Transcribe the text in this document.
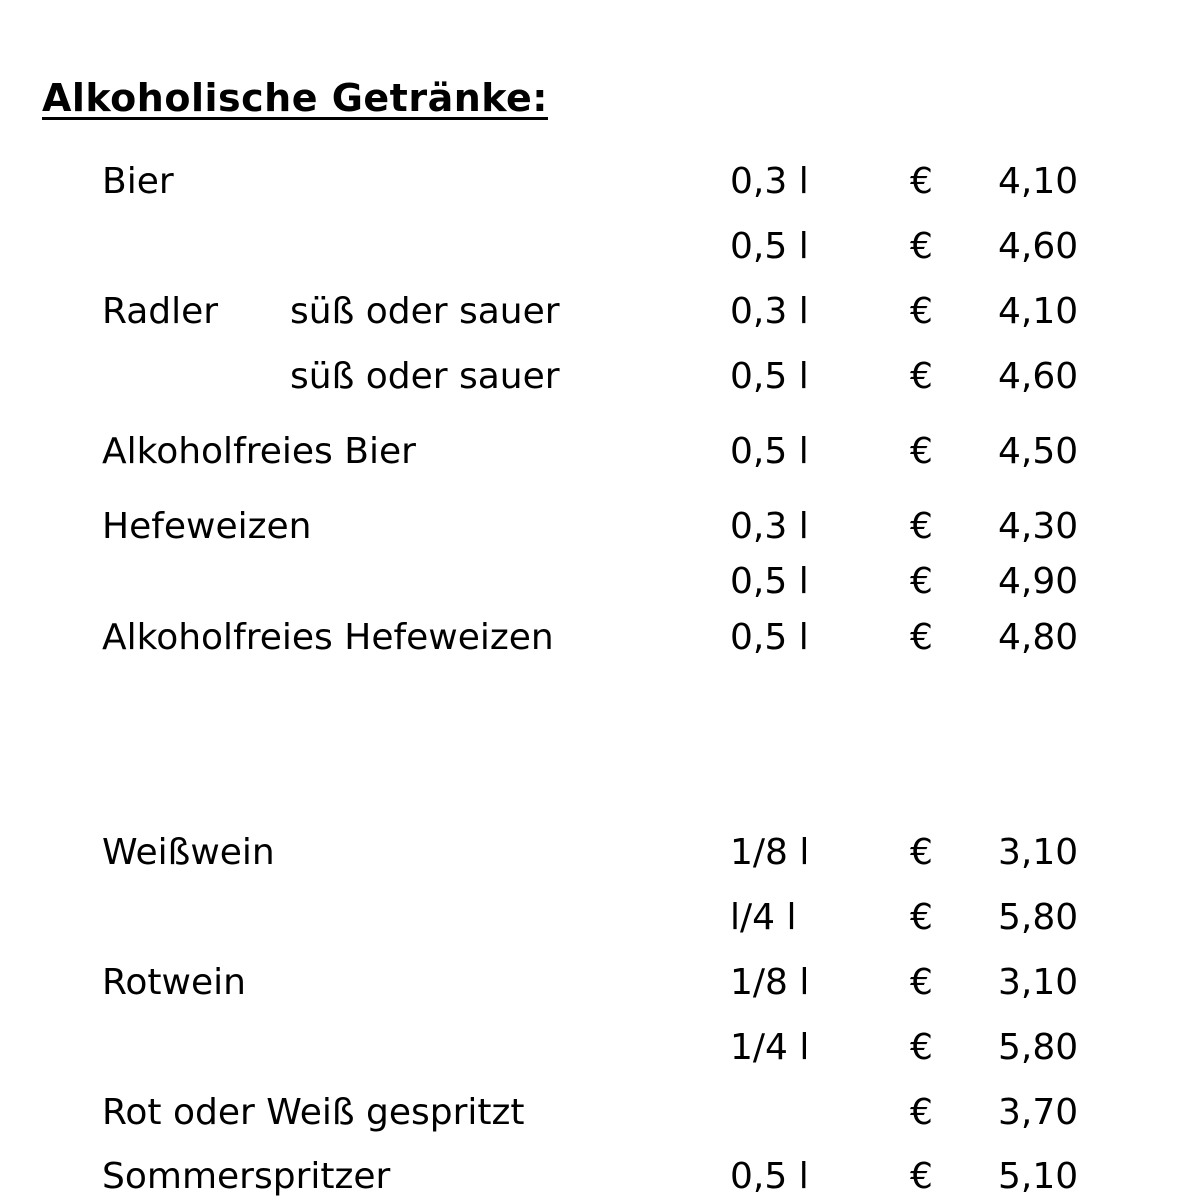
Alkoholische Getränke:
Bier	0,3 l	€ 4,10
0,5 l	€ 4,60
Radler süß oder sauer	0,3 l	€ 4,10
süß oder sauer	0,5 l	€ 4,60
Alkoholfreies Bier	0,5 l	€ 4,50
Hefeweizen	0,3 l	€ 4,30
0,5 l	€ 4,90
Alkoholfreies Hefeweizen	0,5 l	€ 4,80
Weißwein	1/8 l	€ 3,10
l/4 l	€ 5,80
Rotwein	1/8 l	€ 3,10
1/4 l	€ 5,80
Rot oder Weiß gespritzt	€ 3,70
Sommerspritzer	0,5 l	€ 5,10
